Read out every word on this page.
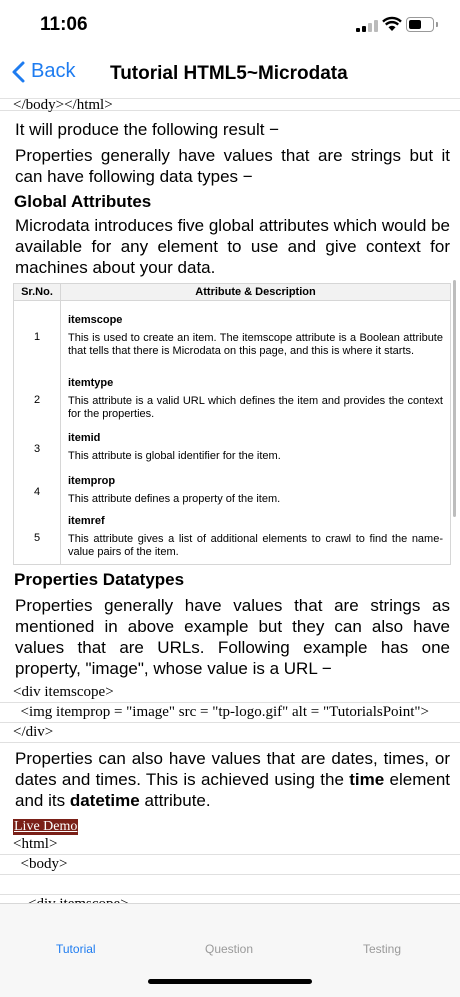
11:06
Back Tutorial HTML5~Microdata
</body></html>
It will produce the following result −
Properties generally have values that are strings but it can have following data types −
Global Attributes
Microdata introduces five global attributes which would be available for any element to use and give context for machines about your data.
Sr.No.	Attribute & Description
1	itemscope
This is used to create an item. The itemscope attribute is a Boolean attribute that tells that there is Microdata on this page, and this is where it starts.

2	itemtype
This attribute is a valid URL which defines the item and provides the context for the properties.

3	itemid
This attribute is global identifier for the item.

4	itemprop
This attribute defines a property of the item.

5	itemref
This attribute gives a list of additional elements to crawl to find the name-value pairs of the item.
Properties Datatypes
Properties generally have values that are strings as mentioned in above example but they can also have values that are URLs. Following example has one property, "image", whose value is a URL −
<div itemscope>
<img itemprop = "image" src = "tp-logo.gif" alt = "TutorialsPoint">
</div>
Properties can also have values that are dates, times, or dates and times. This is achieved using the time element and its datetime attribute.
Live Demo
<html>
<body>
Tutorial	Question	Testing
